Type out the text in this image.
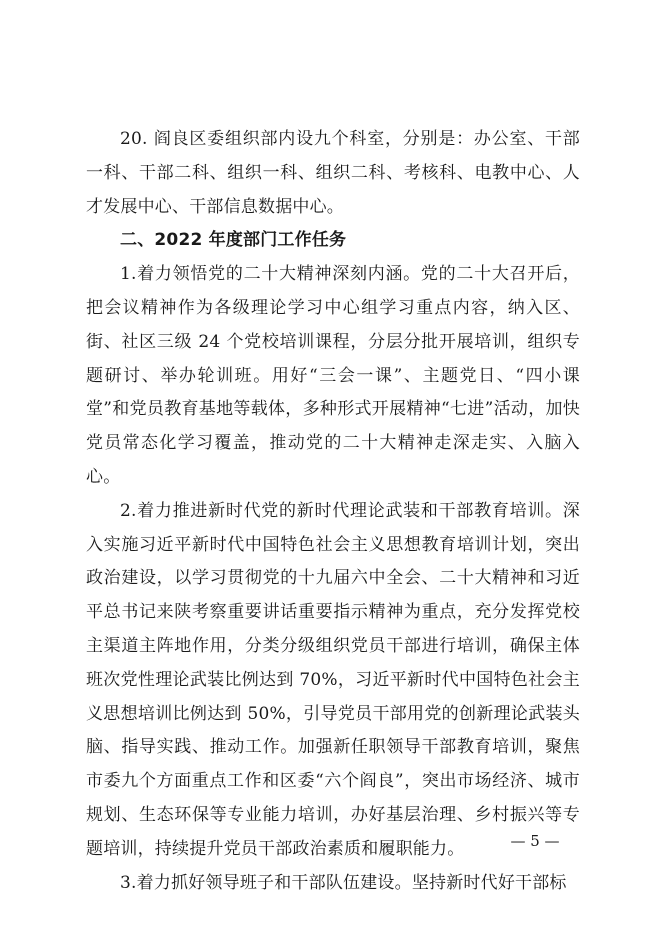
20. 阎良区委组织部内设九个科室，分别是：办公室、干部一科、干部二科、组织一科、组织二科、考核科、电教中心、人才发展中心、干部信息数据中心。

二、2022 年度部门工作任务

1.着力领悟党的二十大精神深刻内涵。党的二十大召开后，把会议精神作为各级理论学习中心组学习重点内容，纳入区、街、社区三级 24 个党校培训课程，分层分批开展培训，组织专题研讨、举办轮训班。用好“三会一课”、主题党日、“四小课堂”和党员教育基地等载体，多种形式开展精神“七进”活动，加快党员常态化学习覆盖，推动党的二十大精神走深走实、入脑入心。

2.着力推进新时代党的新时代理论武装和干部教育培训。深入实施习近平新时代中国特色社会主义思想教育培训计划，突出政治建设，以学习贯彻党的十九届六中全会、二十大精神和习近平总书记来陕考察重要讲话重要指示精神为重点，充分发挥党校主渠道主阵地作用，分类分级组织党员干部进行培训，确保主体班次党性理论武装比例达到 70%，习近平新时代中国特色社会主义思想培训比例达到 50%，引导党员干部用党的创新理论武装头脑、指导实践、推动工作。加强新任职领导干部教育培训，聚焦市委九个方面重点工作和区委“六个阎良”，突出市场经济、城市规划、生态环保等专业能力培训，办好基层治理、乡村振兴等专题培训，持续提升党员干部政治素质和履职能力。

3.着力抓好领导班子和干部队伍建设。坚持新时代好干部标

— 5 —
